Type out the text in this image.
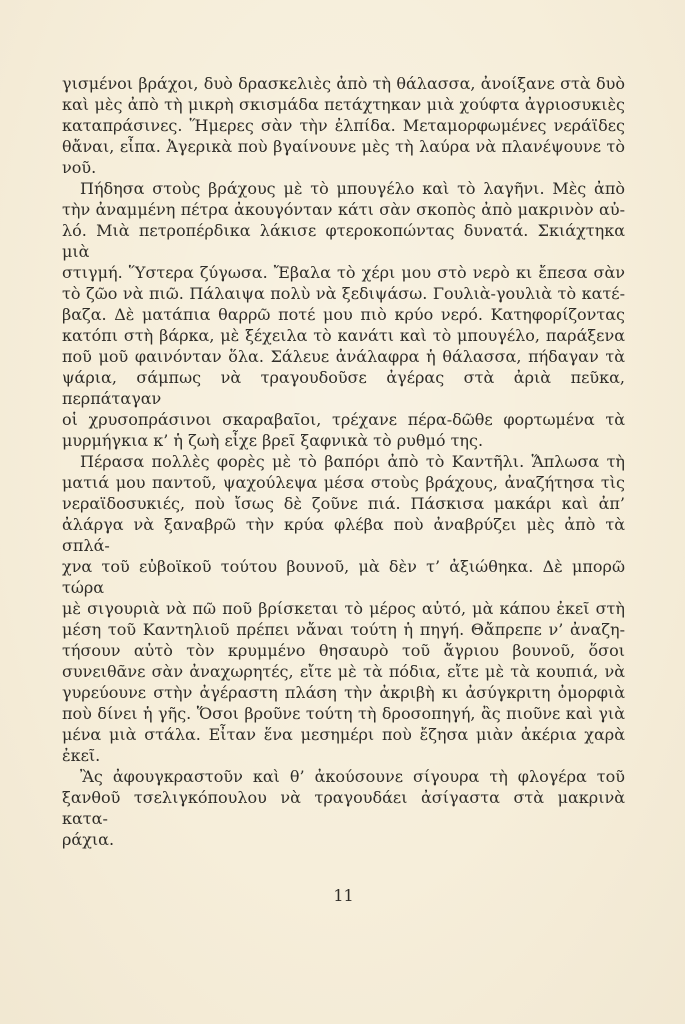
γισμένοι βράχοι, δυὸ δρασκελιὲς ἀπὸ τὴ θάλασσα, ἀνοίξανε στὰ δυὸ
καὶ μὲς ἀπὸ τὴ μικρὴ σκισμάδα πετάχτηκαν μιὰ χούφτα ἀγριοσυκιὲς
καταπράσινες. Ἥμερες σὰν τὴν ἐλπίδα. Μεταμορφωμένες νεράϊδες
θἄναι, εἶπα. Ἀγερικὰ ποὺ βγαίνουνε μὲς τὴ λαύρα νὰ πλανέψουνε τὸ
νοῦ.

Πήδησα στοὺς βράχους μὲ τὸ μπουγέλο καὶ τὸ λαγῆνι. Μὲς ἀπὸ
τὴν ἀναμμένη πέτρα ἀκουγόνταν κάτι σὰν σκοπὸς ἀπὸ μακρινὸν αὐ-
λό. Μιὰ πετροπέρδικα λάκισε φτεροκοπώντας δυνατά. Σκιάχτηκα μιὰ
στιγμή. Ὕστερα ζύγωσα. Ἔβαλα τὸ χέρι μου στὸ νερὸ κι ἔπεσα σὰν
τὸ ζῶο νὰ πιῶ. Πάλαιψα πολὺ νὰ ξεδιψάσω. Γουλιὰ-γουλιὰ τὸ κατέ-
βαζα. Δὲ ματάπια θαρρῶ ποτέ μου πιὸ κρύο νερό. Κατηφορίζοντας
κατόπι στὴ βάρκα, μὲ ξέχειλα τὸ κανάτι καὶ τὸ μπουγέλο, παράξενα
ποῦ μοῦ φαινόνταν ὅλα. Σάλευε ἀνάλαφρα ἡ θάλασσα, πήδαγαν τὰ
ψάρια, σάμπως νὰ τραγουδοῦσε ἀγέρας στὰ ἀριὰ πεῦκα, περπάταγαν
οἱ χρυσοπράσινοι σκαραβαῖοι, τρέχανε πέρα-δῶθε φορτωμένα τὰ
μυρμήγκια κ’ ἡ ζωὴ εἶχε βρεῖ ξαφνικὰ τὸ ρυθμό της.

Πέρασα πολλὲς φορὲς μὲ τὸ βαπόρι ἀπὸ τὸ Καντῆλι. Ἅπλωσα τὴ
ματιά μου παντοῦ, ψαχούλεψα μέσα στοὺς βράχους, ἀναζήτησα τὶς
νεραϊδοσυκιές, ποὺ ἴσως δὲ ζοῦνε πιά. Πάσκισα μακάρι καὶ ἀπ’
ἀλάργα νὰ ξαναβρῶ τὴν κρύα φλέβα ποὺ ἀναβρύζει μὲς ἀπὸ τὰ σπλά-
χνα τοῦ εὐβοϊκοῦ τούτου βουνοῦ, μὰ δὲν τ’ ἀξιώθηκα. Δὲ μπορῶ τώρα
μὲ σιγουριὰ νὰ πῶ ποῦ βρίσκεται τὸ μέρος αὐτό, μὰ κάπου ἐκεῖ στὴ
μέση τοῦ Καντηλιοῦ πρέπει νἄναι τούτη ἡ πηγή. Θἄπρεπε ν’ ἀναζη-
τήσουν αὐτὸ τὸν κρυμμένο θησαυρὸ τοῦ ἄγριου βουνοῦ, ὅσοι
συνειθᾶνε σὰν ἀναχωρητές, εἴτε μὲ τὰ πόδια, εἴτε μὲ τὰ κουπιά, νὰ
γυρεύουνε στὴν ἀγέραστη πλάση τὴν ἀκριβὴ κι ἀσύγκριτη ὀμορφιὰ
ποὺ δίνει ἡ γῆς. Ὅσοι βροῦνε τούτη τὴ δροσοπηγή, ἂς πιοῦνε καὶ γιὰ
μένα μιὰ στάλα. Εἶταν ἕνα μεσημέρι ποὺ ἔζησα μιὰν ἀκέρια χαρὰ
ἐκεῖ.

Ἂς ἀφουγκραστοῦν καὶ θ’ ἀκούσουνε σίγουρα τὴ φλογέρα τοῦ
ξανθοῦ τσελιγκόπουλου νὰ τραγουδάει ἀσίγαστα στὰ μακρινὰ κατα-
ράχια.

11
